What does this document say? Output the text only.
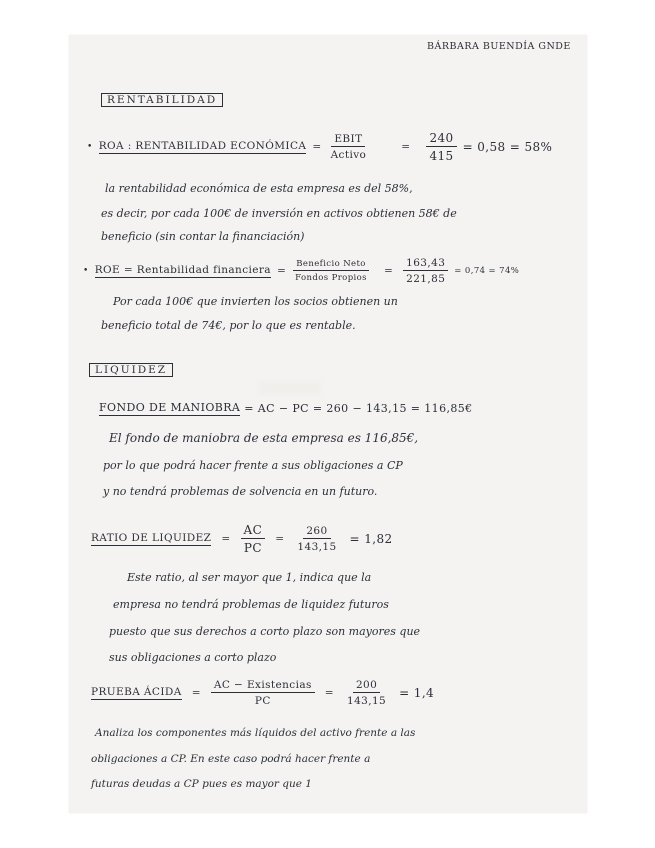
BÁRBARA BUENDÍA GNDE
RENTABILIDAD
• ROA : RENTABILIDAD ECONÓMICA = $\frac{\text{EBIT}}{\text{Activo}}$	= $\frac{240}{415} = 0,58 = 58\%$
la rentabilidad económica de esta empresa es del 58%,
es decir, por cada 100€ de inversión en activos obtienen 58€ de
beneficio (sin contar la financiación)
• ROE = Rentabilidad financiera = $\frac{\text{Beneficio Neto}}{\text{Fondos Propios}} = \frac{163,43}{221,85} = 0,74 = 74\%$
Por cada 100€ que invierten los socios obtienen un
beneficio total de 74€, por lo que es rentable.
LIQUIDEZ
FONDO DE MANIOBRA = AC − PC = 260 − 143,15 = 116,85€
El fondo de maniobra de esta empresa es 116,85€,
por lo que podrá hacer frente a sus obligaciones a CP
y no tendrá problemas de solvencia en un futuro.
RATIO DE LIQUIDEZ = $\frac{AC}{PC} = \frac{260}{143,15} = 1,82$
Este ratio, al ser mayor que 1, indica que la
empresa no tendrá problemas de liquidez futuros
puesto que sus derechos a corto plazo son mayores que
sus obligaciones a corto plazo
PRUEBA ÁCIDA = $\frac{\text{AC − Existencias}}{PC} = \frac{200}{143,15} = 1,4$
Analiza los componentes más líquidos del activo frente a las
obligaciones a CP. En este caso podrá hacer frente a
futuras deudas a CP pues es mayor que 1
